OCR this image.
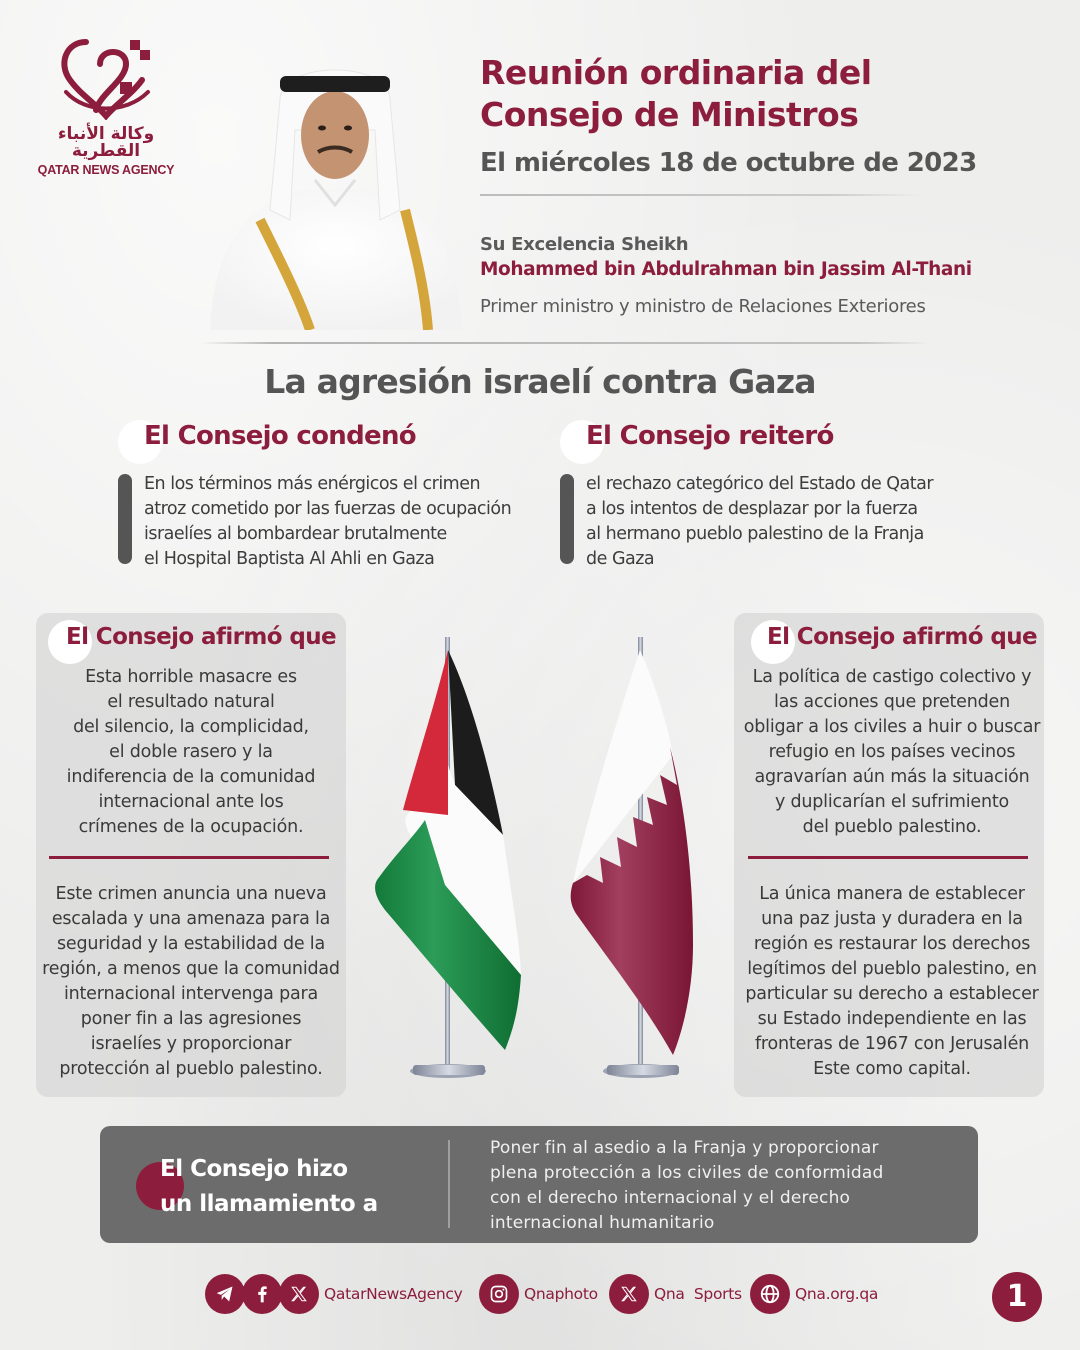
وكالة الأنباء القطرية
QATAR NEWS AGENCY
Reunión ordinaria del
Consejo de Ministros
El miércoles 18 de octubre de 2023
Su Excelencia Sheikh
Mohammed bin Abdulrahman bin Jassim Al-Thani
Primer ministro y ministro de Relaciones Exteriores
La agresión israelí contra Gaza
El Consejo condenó
En los términos más enérgicos el crimen
atroz cometido por las fuerzas de ocupación
israelíes al bombardear brutalmente
el Hospital Baptista Al Ahli en Gaza
El Consejo reiteró
el rechazo categórico del Estado de Qatar
a los intentos de desplazar por la fuerza
al hermano pueblo palestino de la Franja
de Gaza
El Consejo afirmó que
Esta horrible masacre es
el resultado natural
del silencio, la complicidad,
el doble rasero y la
indiferencia de la comunidad
internacional ante los
crímenes de la ocupación.
Este crimen anuncia una nueva
escalada y una amenaza para la
seguridad y la estabilidad de la
región, a menos que la comunidad
internacional intervenga para
poner fin a las agresiones
israelíes y proporcionar
protección al pueblo palestino.
El Consejo afirmó que
La política de castigo colectivo y
las acciones que pretenden
obligar a los civiles a huir o buscar
refugio en los países vecinos
agravarían aún más la situación
y duplicarían el sufrimiento
del pueblo palestino.
La única manera de establecer
una paz justa y duradera en la
región es restaurar los derechos
legítimos del pueblo palestino, en
particular su derecho a establecer
su Estado independiente en las
fronteras de 1967 con Jerusalén
Este como capital.
El Consejo hizo
un llamamiento a
Poner fin al asedio a la Franja y proporcionar
plena protección a los civiles de conformidad
con el derecho internacional y el derecho
internacional humanitario
QatarNewsAgency	Qnaphoto	Qna  Sports	Qna.org.qa	1
